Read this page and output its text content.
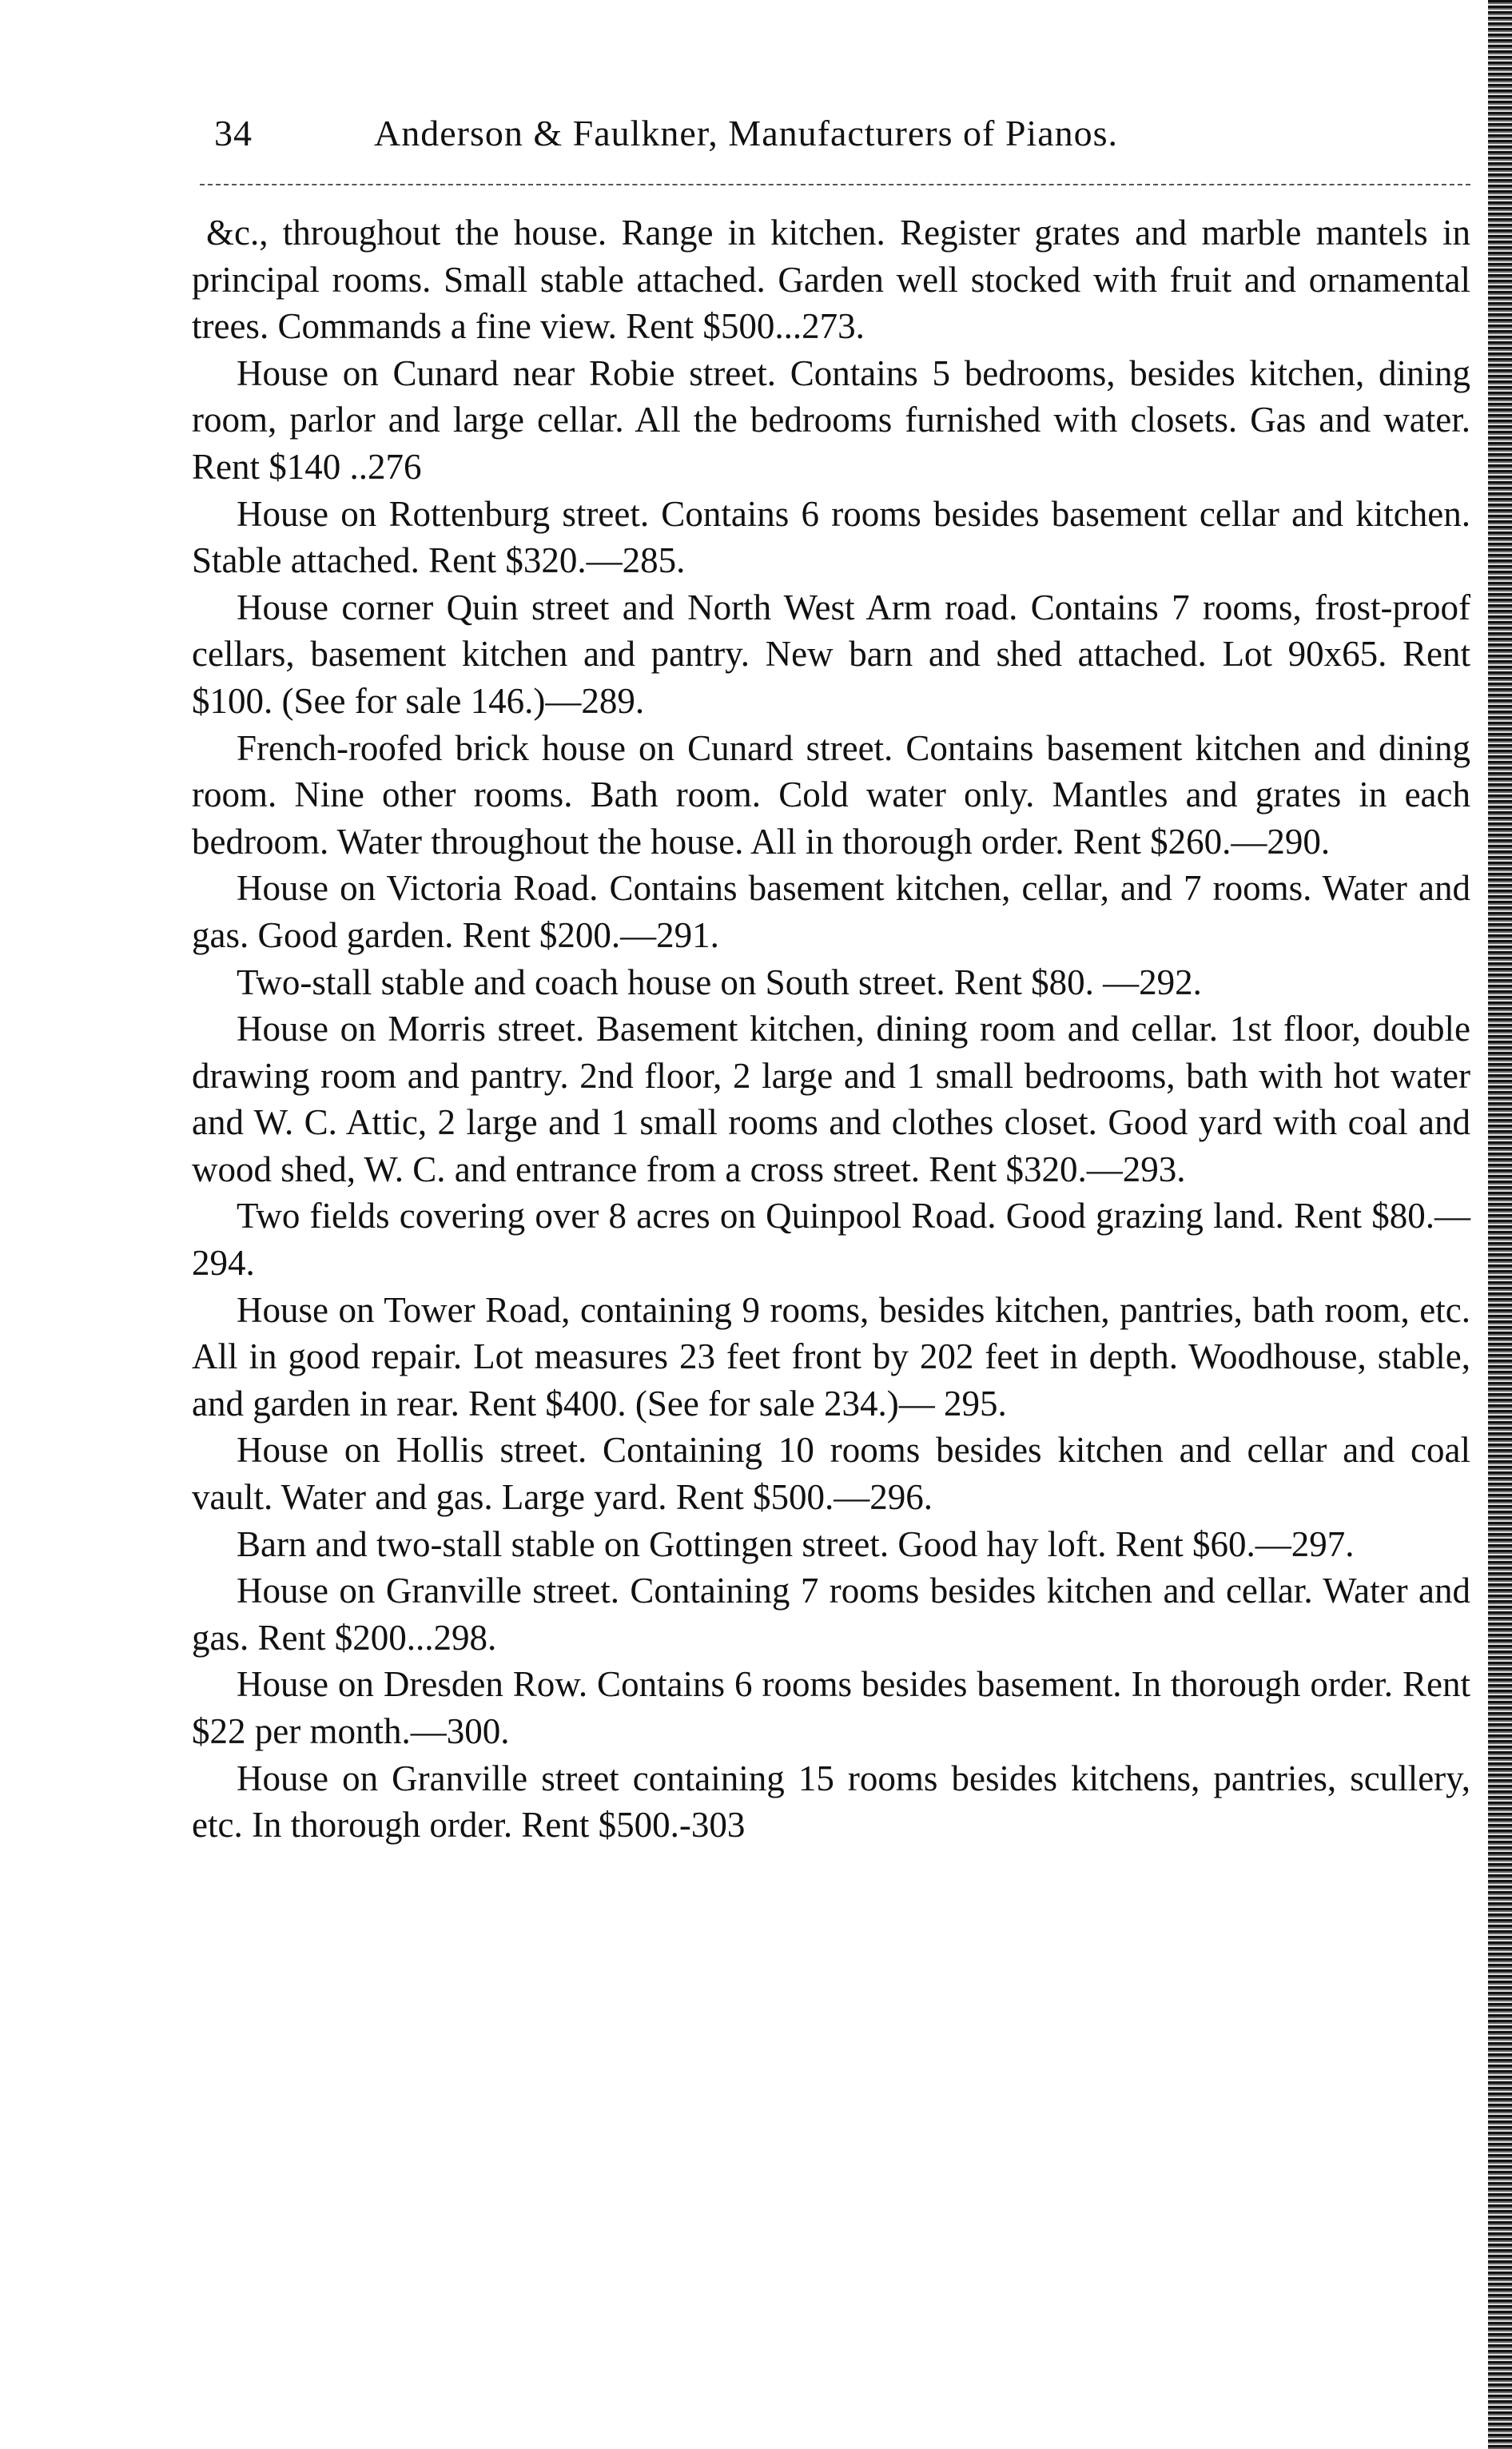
34	Anderson & Faulkner, Manufacturers of Pianos.

&c., throughout the house. Range in kitchen. Register grates and marble mantels in principal rooms. Small stable attached. Garden well stocked with fruit and ornamental trees. Commands a fine view. Rent $500...273.

House on Cunard near Robie street. Contains 5 bedrooms, besides kitchen, dining room, parlor and large cellar. All the bedrooms furnished with closets. Gas and water. Rent $140 ..276

House on Rottenburg street. Contains 6 rooms besides basement cellar and kitchen. Stable attached. Rent $320.—285.

House corner Quin street and North West Arm road. Contains 7 rooms, frost-proof cellars, basement kitchen and pantry. New barn and shed attached. Lot 90x65. Rent $100. (See for sale 146.)—289.

French-roofed brick house on Cunard street. Contains basement kitchen and dining room. Nine other rooms. Bath room. Cold water only. Mantles and grates in each bedroom. Water throughout the house. All in thorough order. Rent $260.—290.

House on Victoria Road. Contains basement kitchen, cellar, and 7 rooms. Water and gas. Good garden. Rent $200.—291.

Two-stall stable and coach house on South street. Rent $80. —292.

House on Morris street. Basement kitchen, dining room and cellar. 1st floor, double drawing room and pantry. 2nd floor, 2 large and 1 small bedrooms, bath with hot water and W. C. Attic, 2 large and 1 small rooms and clothes closet. Good yard with coal and wood shed, W. C. and entrance from a cross street. Rent $320.—293.

Two fields covering over 8 acres on Quinpool Road. Good grazing land. Rent $80.—294.

House on Tower Road, containing 9 rooms, besides kitchen, pantries, bath room, etc. All in good repair. Lot measures 23 feet front by 202 feet in depth. Woodhouse, stable, and garden in rear. Rent $400. (See for sale 234.)— 295.

House on Hollis street. Containing 10 rooms besides kitchen and cellar and coal vault. Water and gas. Large yard. Rent $500.—296.

Barn and two-stall stable on Gottingen street. Good hay loft. Rent $60.—297.

House on Granville street. Containing 7 rooms besides kitchen and cellar. Water and gas. Rent $200...298.

House on Dresden Row. Contains 6 rooms besides basement. In thorough order. Rent $22 per month.—300.

House on Granville street containing 15 rooms besides kitchens, pantries, scullery, etc. In thorough order. Rent $500.-303
